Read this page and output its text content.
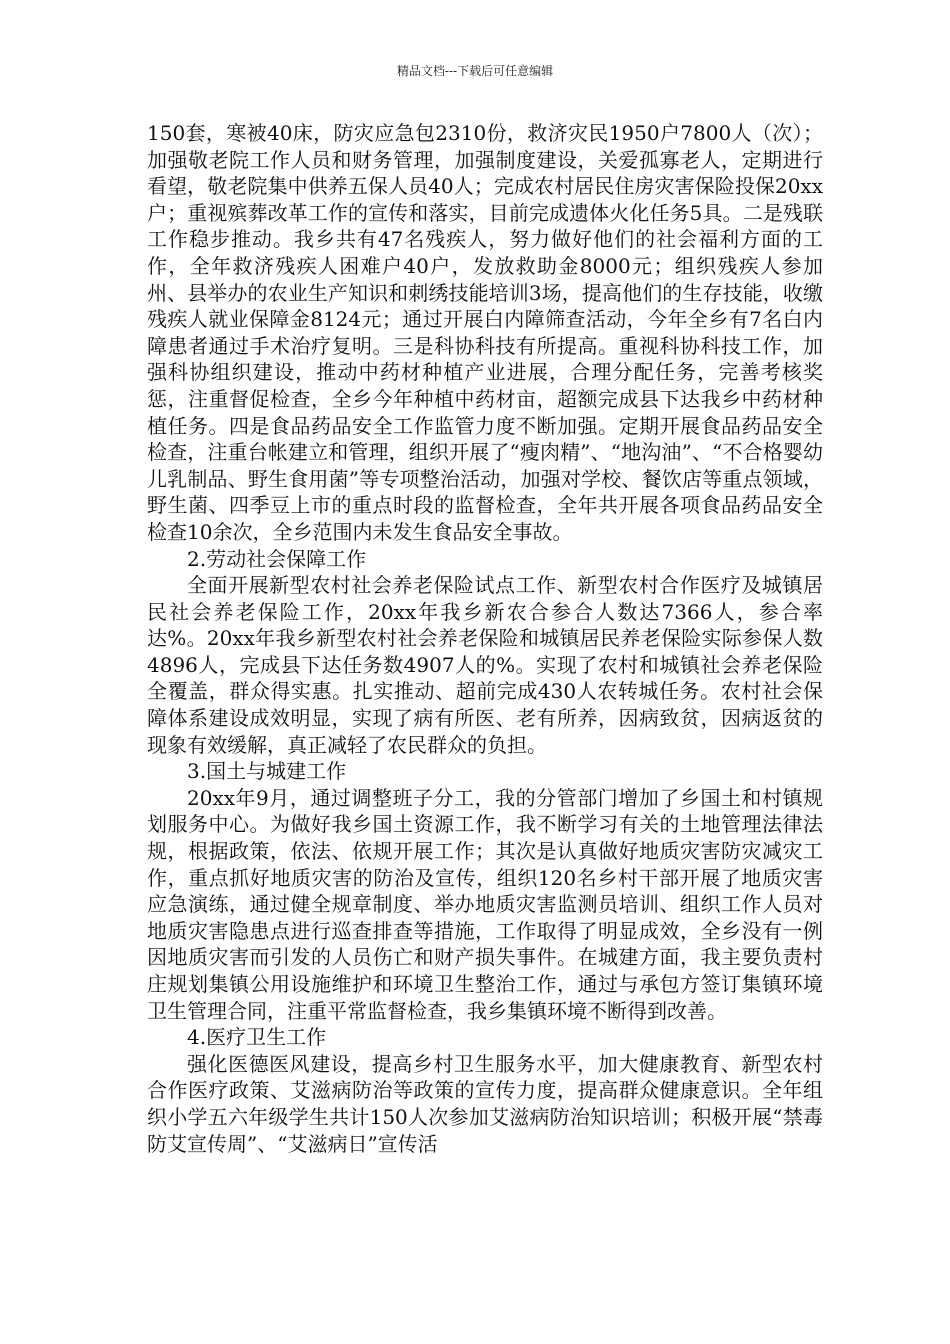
精品文档---下载后可任意编辑

150套，寒被40床，防灾应急包2310份，救济灾民1950户7800人（次）；加强敬老院工作人员和财务管理，加强制度建设，关爱孤寡老人，定期进行看望，敬老院集中供养五保人员40人；完成农村居民住房灾害保险投保20xx户；重视殡葬改革工作的宣传和落实，目前完成遗体火化任务5具。二是残联工作稳步推动。我乡共有47名残疾人，努力做好他们的社会福利方面的工作，全年救济残疾人困难户40户，发放救助金8000元；组织残疾人参加州、县举办的农业生产知识和刺绣技能培训3场，提高他们的生存技能，收缴残疾人就业保障金8124元；通过开展白内障筛查活动，今年全乡有7名白内障患者通过手术治疗复明。三是科协科技有所提高。重视科协科技工作，加强科协组织建设，推动中药材种植产业进展，合理分配任务，完善考核奖惩，注重督促检查，全乡今年种植中药材亩，超额完成县下达我乡中药材种植任务。四是食品药品安全工作监管力度不断加强。定期开展食品药品安全检查，注重台帐建立和管理，组织开展了“瘦肉精”、“地沟油”、“不合格婴幼儿乳制品、野生食用菌”等专项整治活动，加强对学校、餐饮店等重点领域，野生菌、四季豆上市的重点时段的监督检查，全年共开展各项食品药品安全检查10余次，全乡范围内未发生食品安全事故。

2.劳动社会保障工作

全面开展新型农村社会养老保险试点工作、新型农村合作医疗及城镇居民社会养老保险工作，20xx年我乡新农合参合人数达7366人，参合率达%。20xx年我乡新型农村社会养老保险和城镇居民养老保险实际参保人数4896人，完成县下达任务数4907人的%。实现了农村和城镇社会养老保险全覆盖，群众得实惠。扎实推动、超前完成430人农转城任务。农村社会保障体系建设成效明显，实现了病有所医、老有所养，因病致贫，因病返贫的现象有效缓解，真正减轻了农民群众的负担。

3.国土与城建工作

20xx年9月，通过调整班子分工，我的分管部门增加了乡国土和村镇规划服务中心。为做好我乡国土资源工作，我不断学习有关的土地管理法律法规，根据政策，依法、依规开展工作；其次是认真做好地质灾害防灾减灾工作，重点抓好地质灾害的防治及宣传，组织120名乡村干部开展了地质灾害应急演练，通过健全规章制度、举办地质灾害监测员培训、组织工作人员对地质灾害隐患点进行巡查排查等措施，工作取得了明显成效，全乡没有一例因地质灾害而引发的人员伤亡和财产损失事件。在城建方面，我主要负责村庄规划集镇公用设施维护和环境卫生整治工作，通过与承包方签订集镇环境卫生管理合同，注重平常监督检查，我乡集镇环境不断得到改善。

4.医疗卫生工作

强化医德医风建设，提高乡村卫生服务水平，加大健康教育、新型农村合作医疗政策、艾滋病防治等政策的宣传力度，提高群众健康意识。全年组织小学五六年级学生共计150人次参加艾滋病防治知识培训；积极开展“禁毒防艾宣传周”、“艾滋病日”宣传活
